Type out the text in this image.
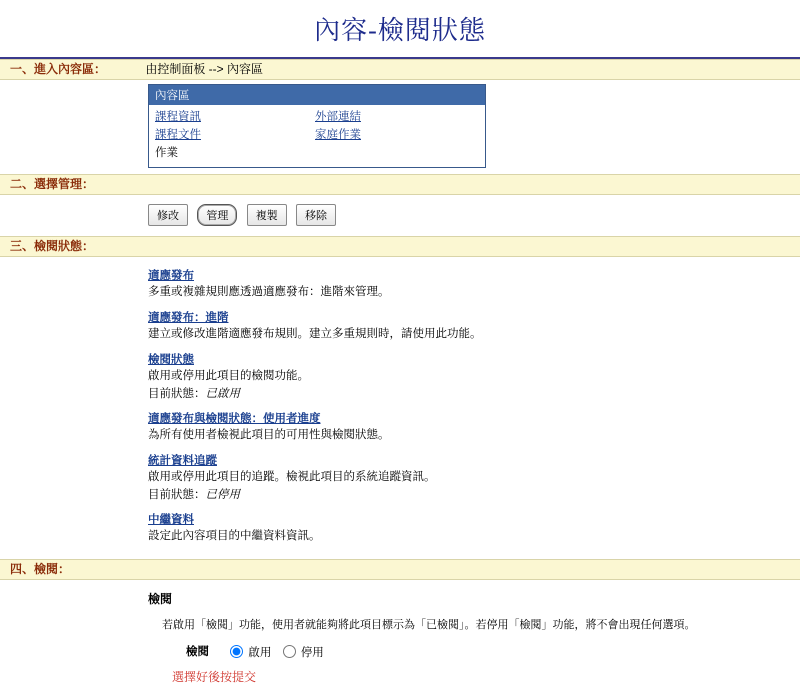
內容-檢閱狀態
一、進入內容區：	由控制面板 --> 內容區
內容區
課程資訊	外部連結
課程文件	家庭作業
作業
二、選擇管理：
修改 管理 複製 移除
三、檢閱狀態：
適應發布
多重或複雜規則應透過適應發布：進階來管理。
適應發布：進階
建立或修改進階適應發布規則。建立多重規則時，請使用此功能。
檢閱狀態
啟用或停用此項目的檢閱功能。
目前狀態：已啟用
適應發布與檢閱狀態：使用者進度
為所有使用者檢視此項目的可用性與檢閱狀態。
統計資料追蹤
啟用或停用此項目的追蹤。檢視此項目的系統追蹤資訊。
目前狀態：已停用
中繼資料
設定此內容項目的中繼資料資訊。
四、檢閱：
檢閱
若啟用「檢閱」功能，使用者就能夠將此項目標示為「已檢閱」。若停用「檢閱」功能，將不會出現任何選項。
檢閱	啟用	停用
選擇好後按提交
